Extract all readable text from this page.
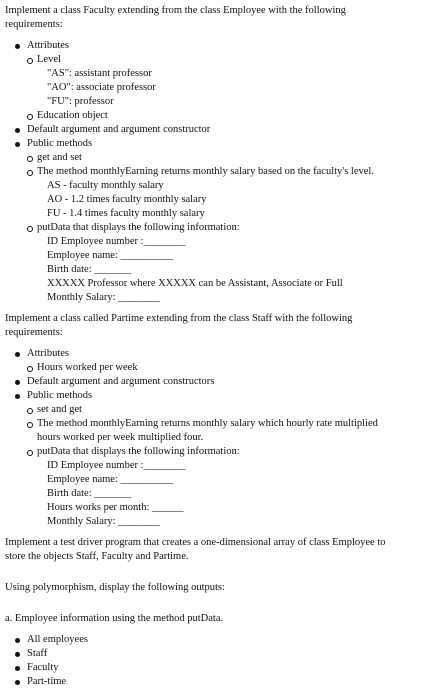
Implement a class Faculty extending from the class Employee with the following
requirements:

Attributes
Level
"AS": assistant professor
"AO": associate professor
"FU": professor
Education object
Default argument and argument constructor
Public methods
get and set
The method monthlyEarning returns monthly salary based on the faculty's level.
AS - faculty monthly salary
AO - 1.2 times faculty monthly salary
FU - 1.4 times faculty monthly salary
putData that displays the following information:
ID Employee number :________
Employee name: __________
Birth date: _______
XXXXX Professor where XXXXX can be Assistant, Associate or Full
Monthly Salary: ________

Implement a class called Partime extending from the class Staff with the following
requirements:

Attributes
Hours worked per week
Default argument and argument constructors
Public methods
set and get
The method monthlyEarning returns monthly salary which hourly rate multiplied
hours worked per week multiplied four.
putData that displays the following information:
ID Employee number :________
Employee name: __________
Birth date: _______
Hours works per month: ______
Monthly Salary: ________

Implement a test driver program that creates a one-dimensional array of class Employee to
store the objects Staff, Faculty and Partime.

Using polymorphism, display the following outputs:

a. Employee information using the method putData.

All employees
Staff
Faculty
Part-time
